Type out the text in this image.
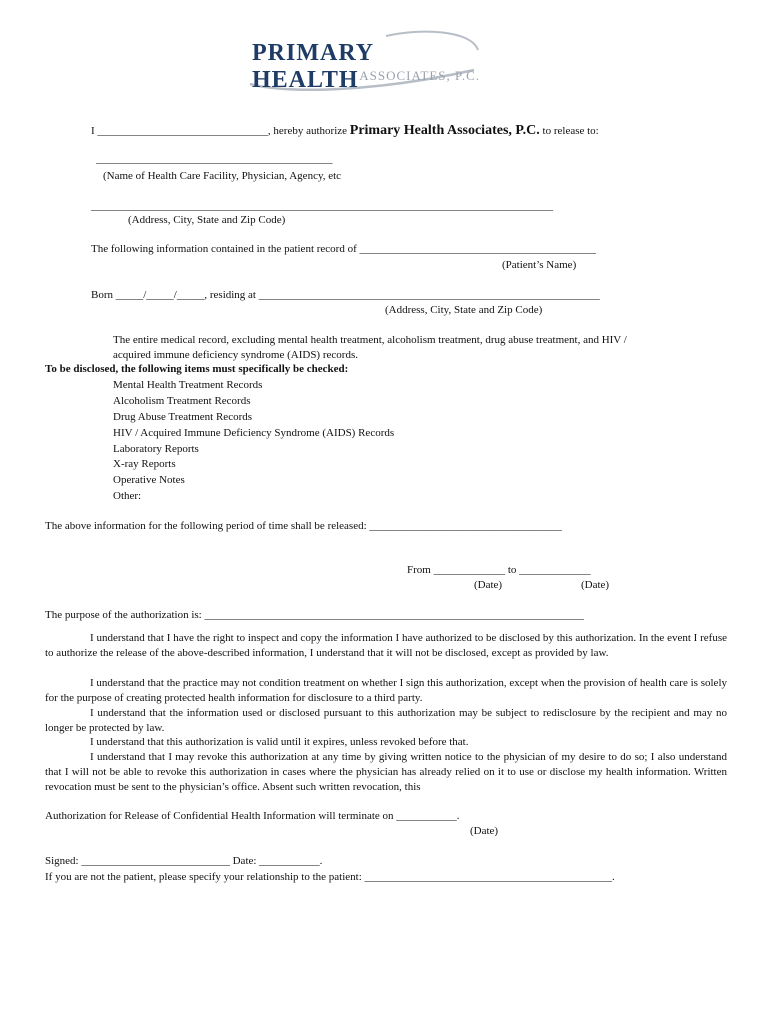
PRIMARY HEALTH ASSOCIATES, P.C.
I _______________________________, hereby authorize Primary Health Associates, P.C. to release to:
___________________________________________
(Name of Health Care Facility, Physician, Agency, etc
____________________________________________________________________________________
(Address, City, State and Zip Code)
The following information contained in the patient record of ___________________________________________
(Patient’s Name)
Born _____/_____/_____, residing at ______________________________________________________________
(Address, City, State and Zip Code)
The entire medical record, excluding mental health treatment, alcoholism treatment, drug abuse treatment, and HIV /
acquired immune deficiency syndrome (AIDS) records.
To be disclosed, the following items must specifically be checked:
Mental Health Treatment Records
Alcoholism Treatment Records
Drug Abuse Treatment Records
HIV / Acquired Immune Deficiency Syndrome (AIDS) Records
Laboratory Reports
X-ray Reports
Operative Notes
Other:
The above information for the following period of time shall be released: ___________________________________
From _____________ to _____________
(Date)	(Date)
The purpose of the authorization is: _____________________________________________________________________
I understand that I have the right to inspect and copy the information I have authorized to be disclosed by this authorization. In the event I refuse to authorize the release of the above-described information, I understand that it will not be disclosed, except as provided by law.
I understand that the practice may not condition treatment on whether I sign this authorization, except when the provision of health care is solely for the purpose of creating protected health information for disclosure to a third party.
I understand that the information used or disclosed pursuant to this authorization may be subject to redisclosure by the recipient and may no longer be protected by law.
I understand that this authorization is valid until it expires, unless revoked before that.
I understand that I may revoke this authorization at any time by giving written notice to the physician of my desire to do so; I also understand that I will not be able to revoke this authorization in cases where the physician has already relied on it to use or disclose my health information. Written revocation must be sent to the physician’s office. Absent such written revocation, this
Authorization for Release of Confidential Health Information will terminate on ___________.
(Date)
Signed: ___________________________ Date: ___________.
If you are not the patient, please specify your relationship to the patient: _____________________________________________.
